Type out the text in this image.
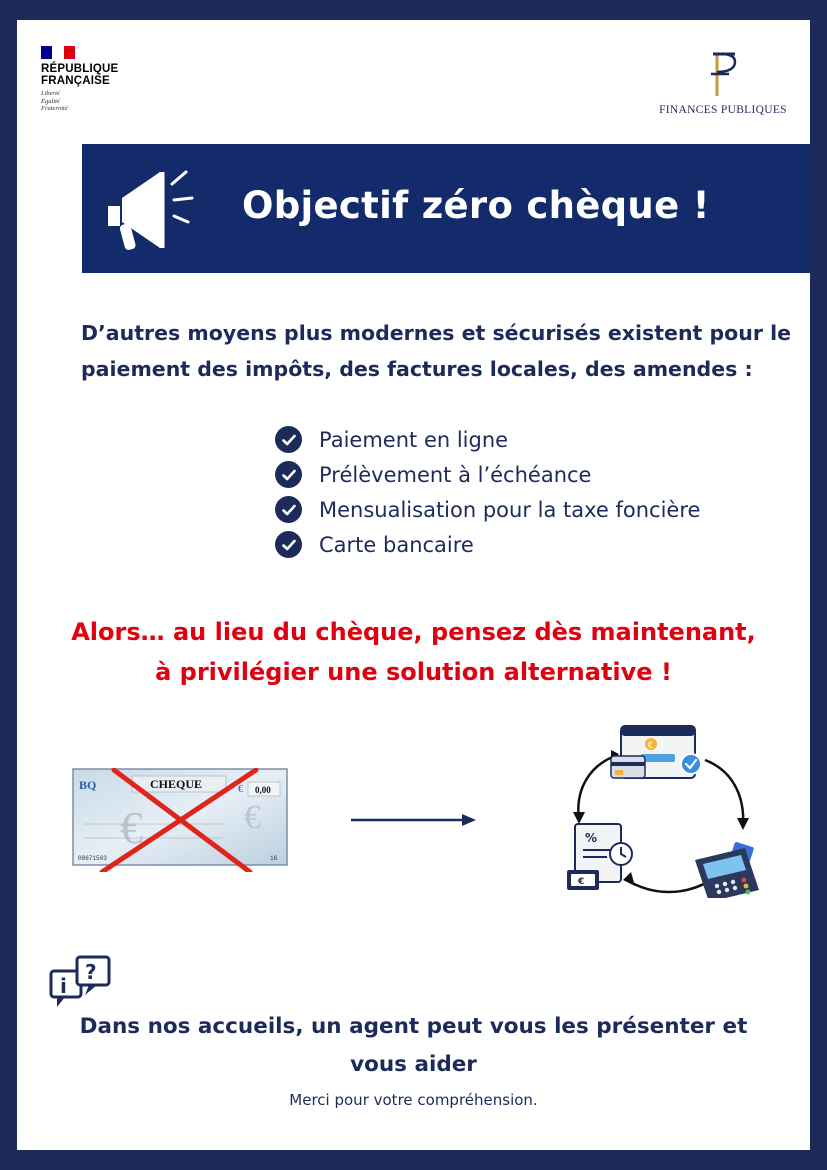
RÉPUBLIQUE
FRANÇAISE
Liberté
Égalité
Fraternité	FINANCES PUBLIQUES
Objectif zéro chèque !
D’autres moyens plus modernes et sécurisés existent pour le
paiement des impôts, des factures locales, des amendes :
Paiement en ligne
Prélèvement à l’échéance
Mensualisation pour la taxe foncière
Carte bancaire
Alors… au lieu du chèque, pensez dès maintenant,
à privilégier une solution alternative !
€	€
BQ	CHEQUE	€ 0,00
08671503	16
€
%
€
i
?
Dans nos accueils, un agent peut vous les présenter et
vous aider
Merci pour votre compréhension.
